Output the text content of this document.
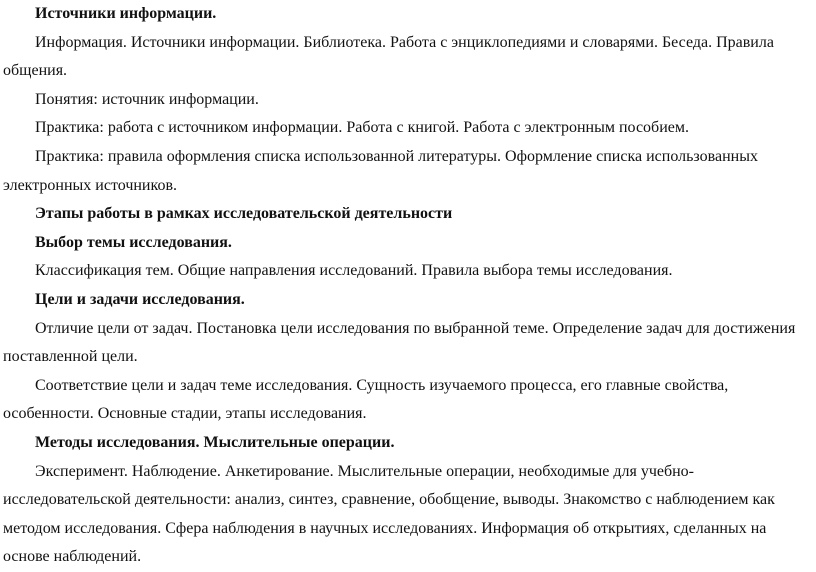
Источники информации.

Информация. Источники информации. Библиотека. Работа с энциклопедиями и словарями. Беседа. Правила общения.

Понятия: источник информации.

Практика: работа с источником информации. Работа с книгой. Работа с электронным пособием.

Практика: правила оформления списка использованной литературы. Оформление списка использованных электронных источников.

Этапы работы в рамках исследовательской деятельности

Выбор темы исследования.

Классификация тем. Общие направления исследований. Правила выбора темы исследования.

Цели и задачи исследования.

Отличие цели от задач. Постановка цели исследования по выбранной теме. Определение задач для достижения поставленной цели.

Соответствие цели и задач теме исследования. Сущность изучаемого процесса, его главные свойства, особенности. Основные стадии, этапы исследования.

Методы исследования. Мыслительные операции.

Эксперимент. Наблюдение. Анкетирование. Мыслительные операции, необходимые для учебно-исследовательской деятельности: анализ, синтез, сравнение, обобщение, выводы. Знакомство с наблюдением как методом исследования. Сфера наблюдения в научных исследованиях. Информация об открытиях, сделанных на основе наблюдений.
